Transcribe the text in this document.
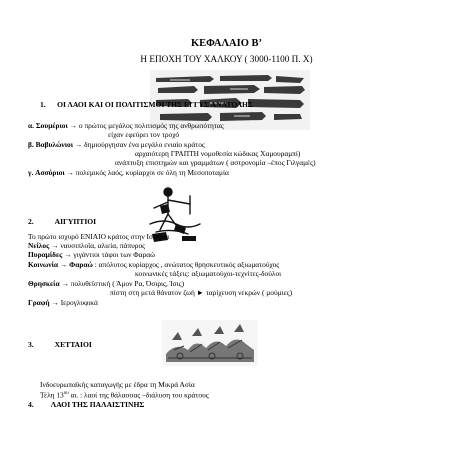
ΚΕΦΑΛΑΙΟ Β’
Η ΕΠΟΧΗ ΤΟΥ ΧΑΛΚΟΥ ( 3000-1100 Π. Χ)
1. ΟΙ ΛΑΟΙ ΚΑΙ ΟΙ ΠΟΛΙΤΙΣΜΟΙ ΤΗΣ ΕΓΓΥΣ ΑΝΑΤΟΛΗΣ
α. Σουμέριοι → ο πρώτος μεγάλος πολιτισμός της ανθρωπότητας
είχαν εφεύρει τον τροχό
β. Βαβυλώνιοι → δημιούργησαν ένα μεγάλο ενιαίο κράτος
αρχαιότερη ΓΡΑΠΤΗ νομοθεσία κώδικας Χαμουραμπί)
ανάπτυξη επιστημών και γραμμάτων ( αστρονομία –έπος Γιλγαμές)
γ. Ασσύριοι → πολεμικός λαός, κυρίαρχοι σε όλη τη Μεσοποταμία
2.	ΑΙΓΥΠΤΙΟΙ
Το πρώτο ισχυρό ΕΝΙΑΙΟ κράτος στην Ιστορία
Νείλος → ναυσιπλοΐα, αλιεία, πάπυρος
Πυραμίδες → γιγάντιοι τάφοι των Φαραώ
Κοινωνία → Φαραώ : απόλυτος κυρίαρχος , ανώτατος θρησκευτικός αξιωματούχος
κοινωνικές τάξεις: αξιωματούχοι-τεχνίτες-δούλοι
Θρησκεία → πολυθεϊστική ( Άμον Ρα, Όσιρις, Ίσις)
πίστη στη μετά θάνατον ζωή ► ταρίχευση νεκρών ( μούμιες)
Γραφή → Ιερογλυφικά
3.	ΧΕΤΤΑΙΟΙ
Ινδοευρωπαϊκής καταγωγής με έδρα τη Μικρά Ασία
Τέλη $13^{o\upsilon}$ αι. : λαοί της θάλασσας –διάλυση του κράτους
4. ΛΑΟΙ ΤΗΣ ΠΑΛΑΙΣΤΙΝΗΣ
